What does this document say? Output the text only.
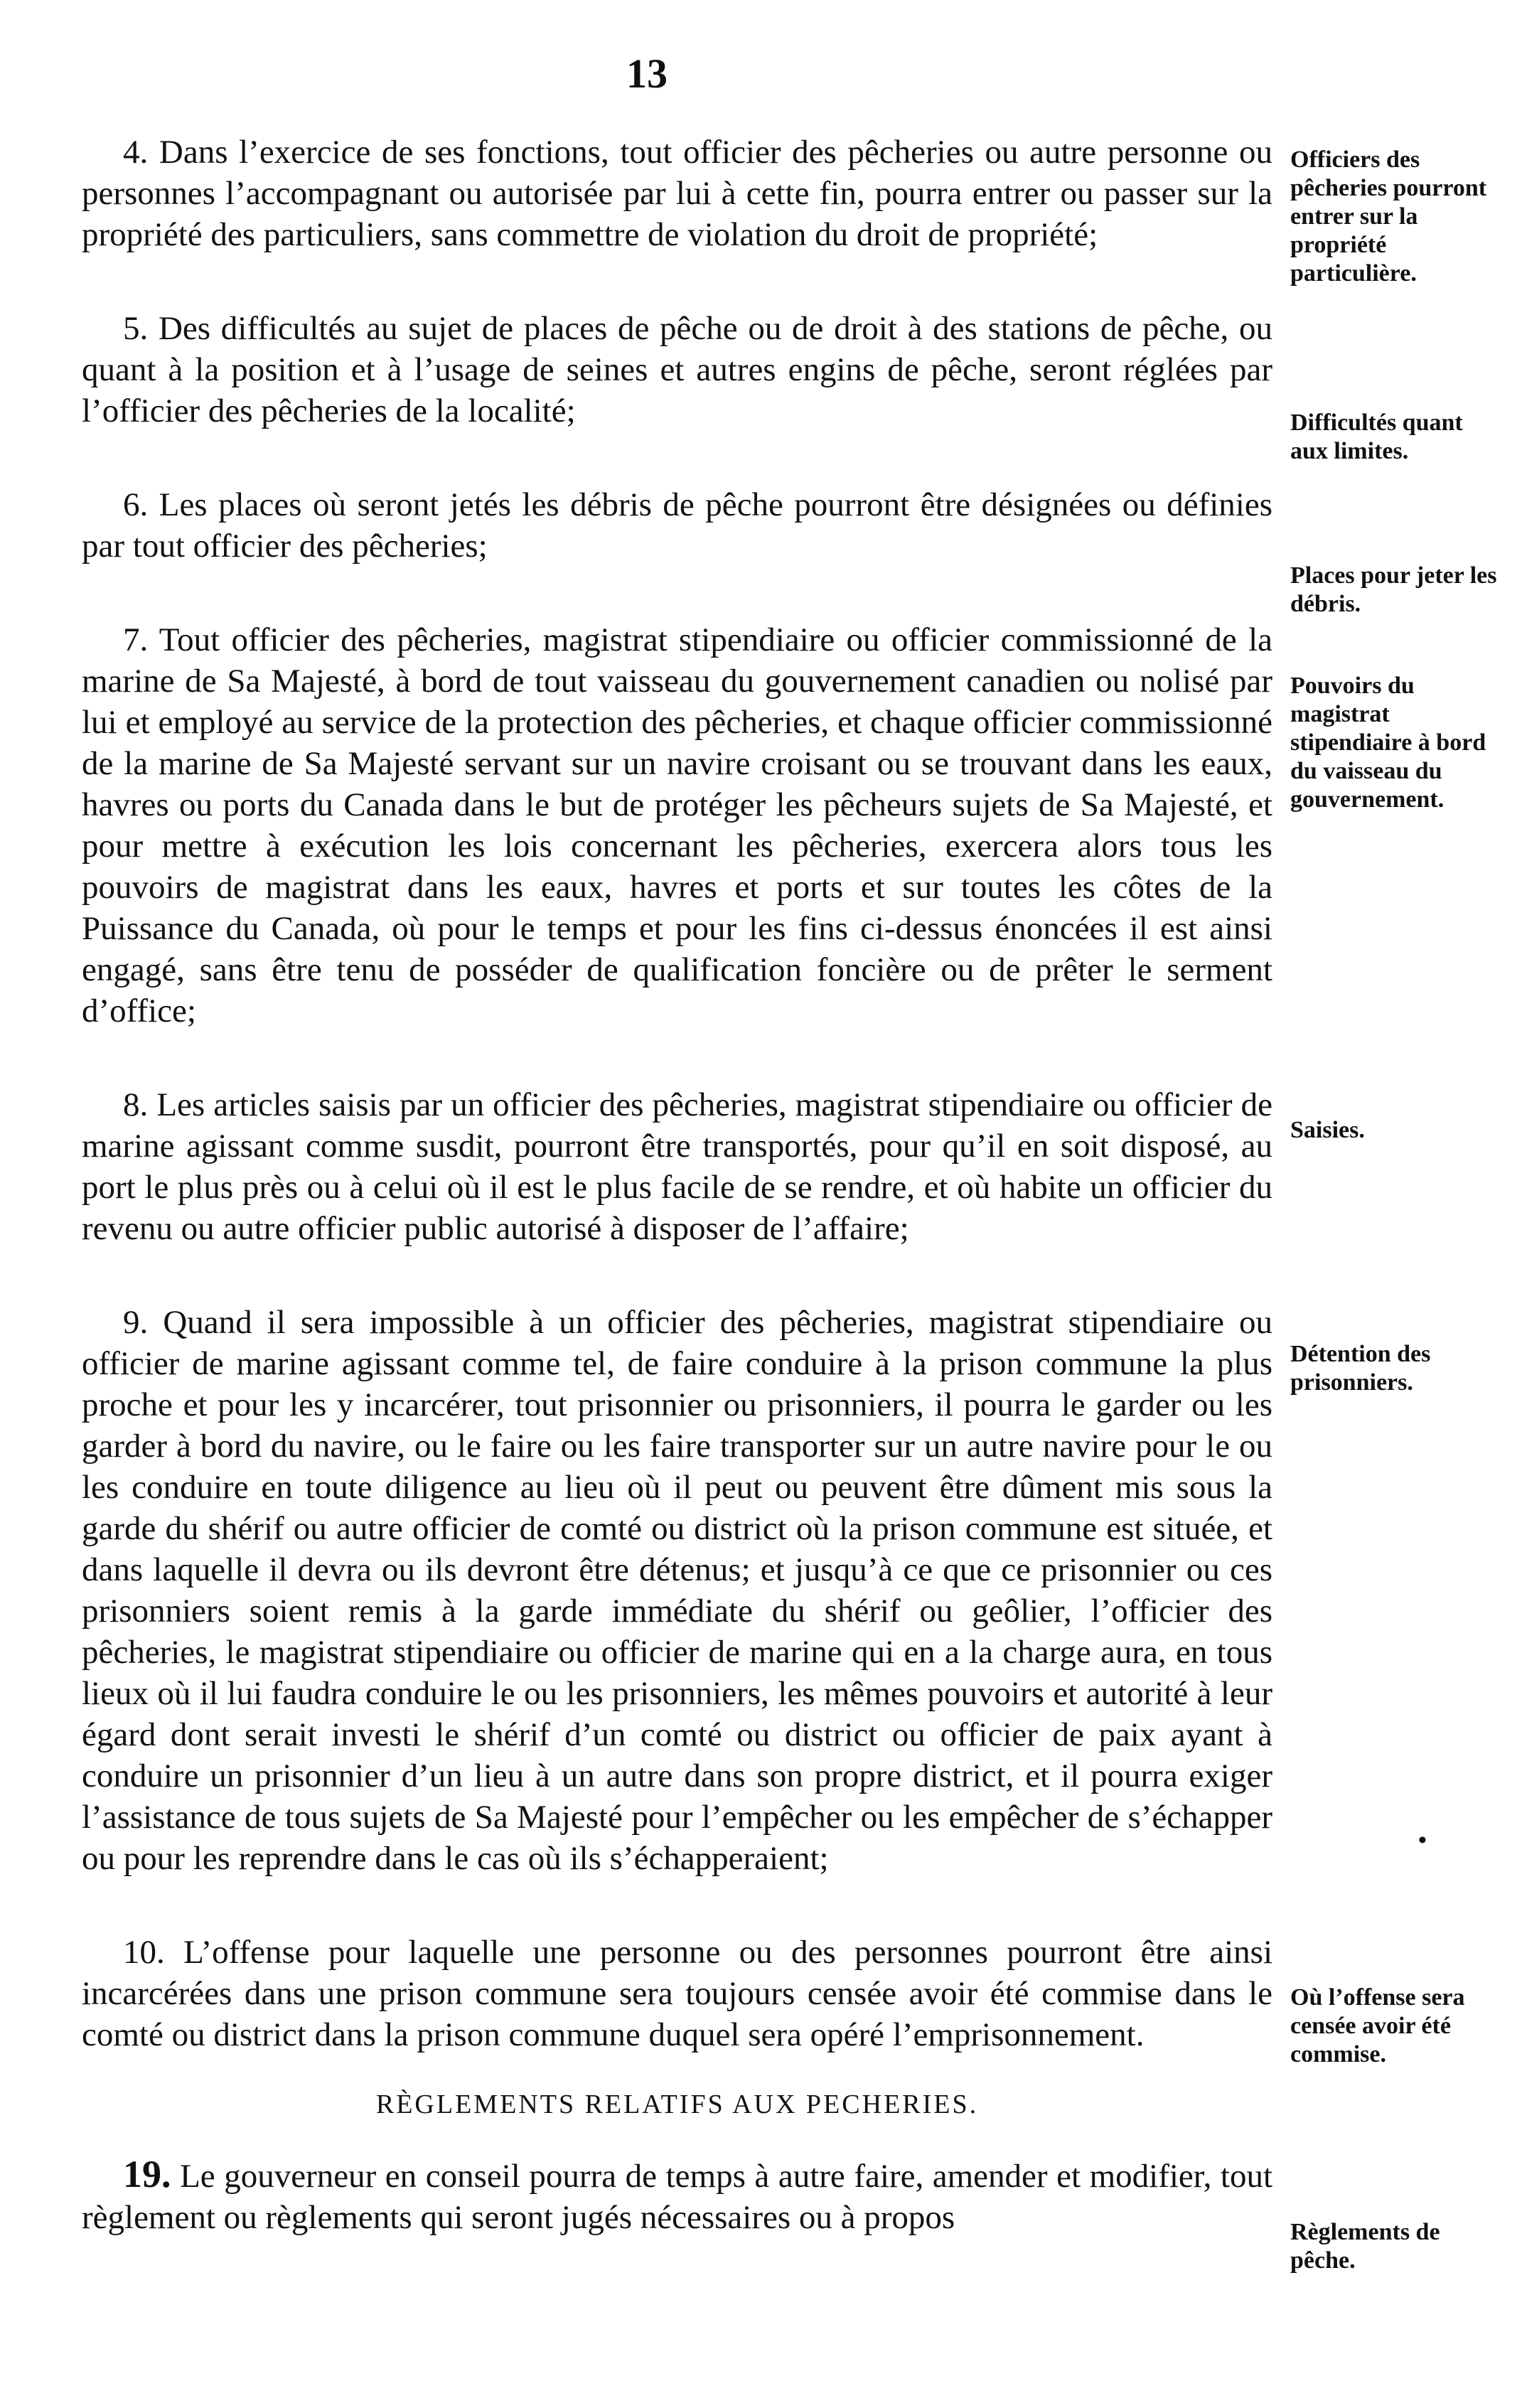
13

4. Dans l’exercice de ses fonctions, tout officier des pêcheries ou autre personne ou personnes l’accompagnant ou autorisée par lui à cette fin, pourra entrer ou passer sur la propriété des particuliers, sans commettre de violation du droit de propriété;

5. Des difficultés au sujet de places de pêche ou de droit à des stations de pêche, ou quant à la position et à l’usage de seines et autres engins de pêche, seront réglées par l’officier des pêcheries de la localité;

6. Les places où seront jetés les débris de pêche pourront être désignées ou définies par tout officier des pêcheries;

7. Tout officier des pêcheries, magistrat stipendiaire ou officier commissionné de la marine de Sa Majesté, à bord de tout vaisseau du gouvernement canadien ou nolisé par lui et employé au service de la protection des pêcheries, et chaque officier commissionné de la marine de Sa Majesté servant sur un navire croisant ou se trouvant dans les eaux, havres ou ports du Canada dans le but de protéger les pêcheurs sujets de Sa Majesté, et pour mettre à exécution les lois concernant les pêcheries, exercera alors tous les pouvoirs de magistrat dans les eaux, havres et ports et sur toutes les côtes de la Puissance du Canada, où pour le temps et pour les fins ci-dessus énoncées il est ainsi engagé, sans être tenu de posséder de qualification foncière ou de prêter le serment d’office;

8. Les articles saisis par un officier des pêcheries, magistrat stipendiaire ou officier de marine agissant comme susdit, pourront être transportés, pour qu’il en soit disposé, au port le plus près ou à celui où il est le plus facile de se rendre, et où habite un officier du revenu ou autre officier public autorisé à disposer de l’affaire;

9. Quand il sera impossible à un officier des pêcheries, magistrat stipendiaire ou officier de marine agissant comme tel, de faire conduire à la prison commune la plus proche et pour les y incarcérer, tout prisonnier ou prisonniers, il pourra le garder ou les garder à bord du navire, ou le faire ou les faire transporter sur un autre navire pour le ou les conduire en toute diligence au lieu où il peut ou peuvent être dûment mis sous la garde du shérif ou autre officier de comté ou district où la prison commune est située, et dans laquelle il devra ou ils devront être détenus; et jusqu’à ce que ce prisonnier ou ces prisonniers soient remis à la garde immédiate du shérif ou geôlier, l’officier des pêcheries, le magistrat stipendiaire ou officier de marine qui en a la charge aura, en tous lieux où il lui faudra conduire le ou les prisonniers, les mêmes pouvoirs et autorité à leur égard dont serait investi le shérif d’un comté ou district ou officier de paix ayant à conduire un prisonnier d’un lieu à un autre dans son propre district, et il pourra exiger l’assistance de tous sujets de Sa Majesté pour l’empêcher ou les empêcher de s’échapper ou pour les reprendre dans le cas où ils s’échapperaient;

10. L’offense pour laquelle une personne ou des personnes pourront être ainsi incarcérées dans une prison commune sera toujours censée avoir été commise dans le comté ou district dans la prison commune duquel sera opéré l’emprisonnement.

RÈGLEMENTS RELATIFS AUX PECHERIES.

19. Le gouverneur en conseil pourra de temps à autre faire, amender et modifier, tout règlement ou règlements qui seront jugés nécessaires ou à propos

Officiers des pêcheries pourront entrer sur la propriété particulière.
Difficultés quant aux limites.
Places pour jeter les débris.
Pouvoirs du magistrat stipendiaire à bord du vaisseau du gouvernement.
Saisies.
Détention des prisonniers.
Où l’offense sera censée avoir été commise.
Règlements de pêche.
•
